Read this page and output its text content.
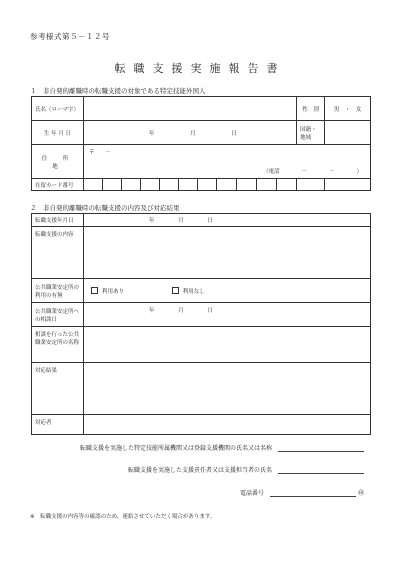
参考様式第５－１２号
転職支援実施報告書
１　非自発的離職時の転職支援の対象である特定技能外国人
氏名（ローマ字）												性　別	男　・　女
生 年 月 日	年 月 日											国籍・地域	
住　所　地	〒　　－
（電話　　　　－　　　　－　　　　）												

在留カード番号													
２　非自発的離職時の転職支援の内容及び対応結果
転職支援年月日	年 月 日
転職支援の内容	
公共職業安定所の利用の有無	利用あり 利用なし
公共職業安定所への相談日	年 月 日
相談を行った公共職業安定所の名称	
対応結果	
対応者	
転職支援を実施した特定技能所属機関又は登録支援機関の氏名又は名称
転職支援を実施した支援責任者又は支援担当者の氏名
電話番号	㊞
※　転職支援の内容等の確認のため，連絡させていただく場合があります。
